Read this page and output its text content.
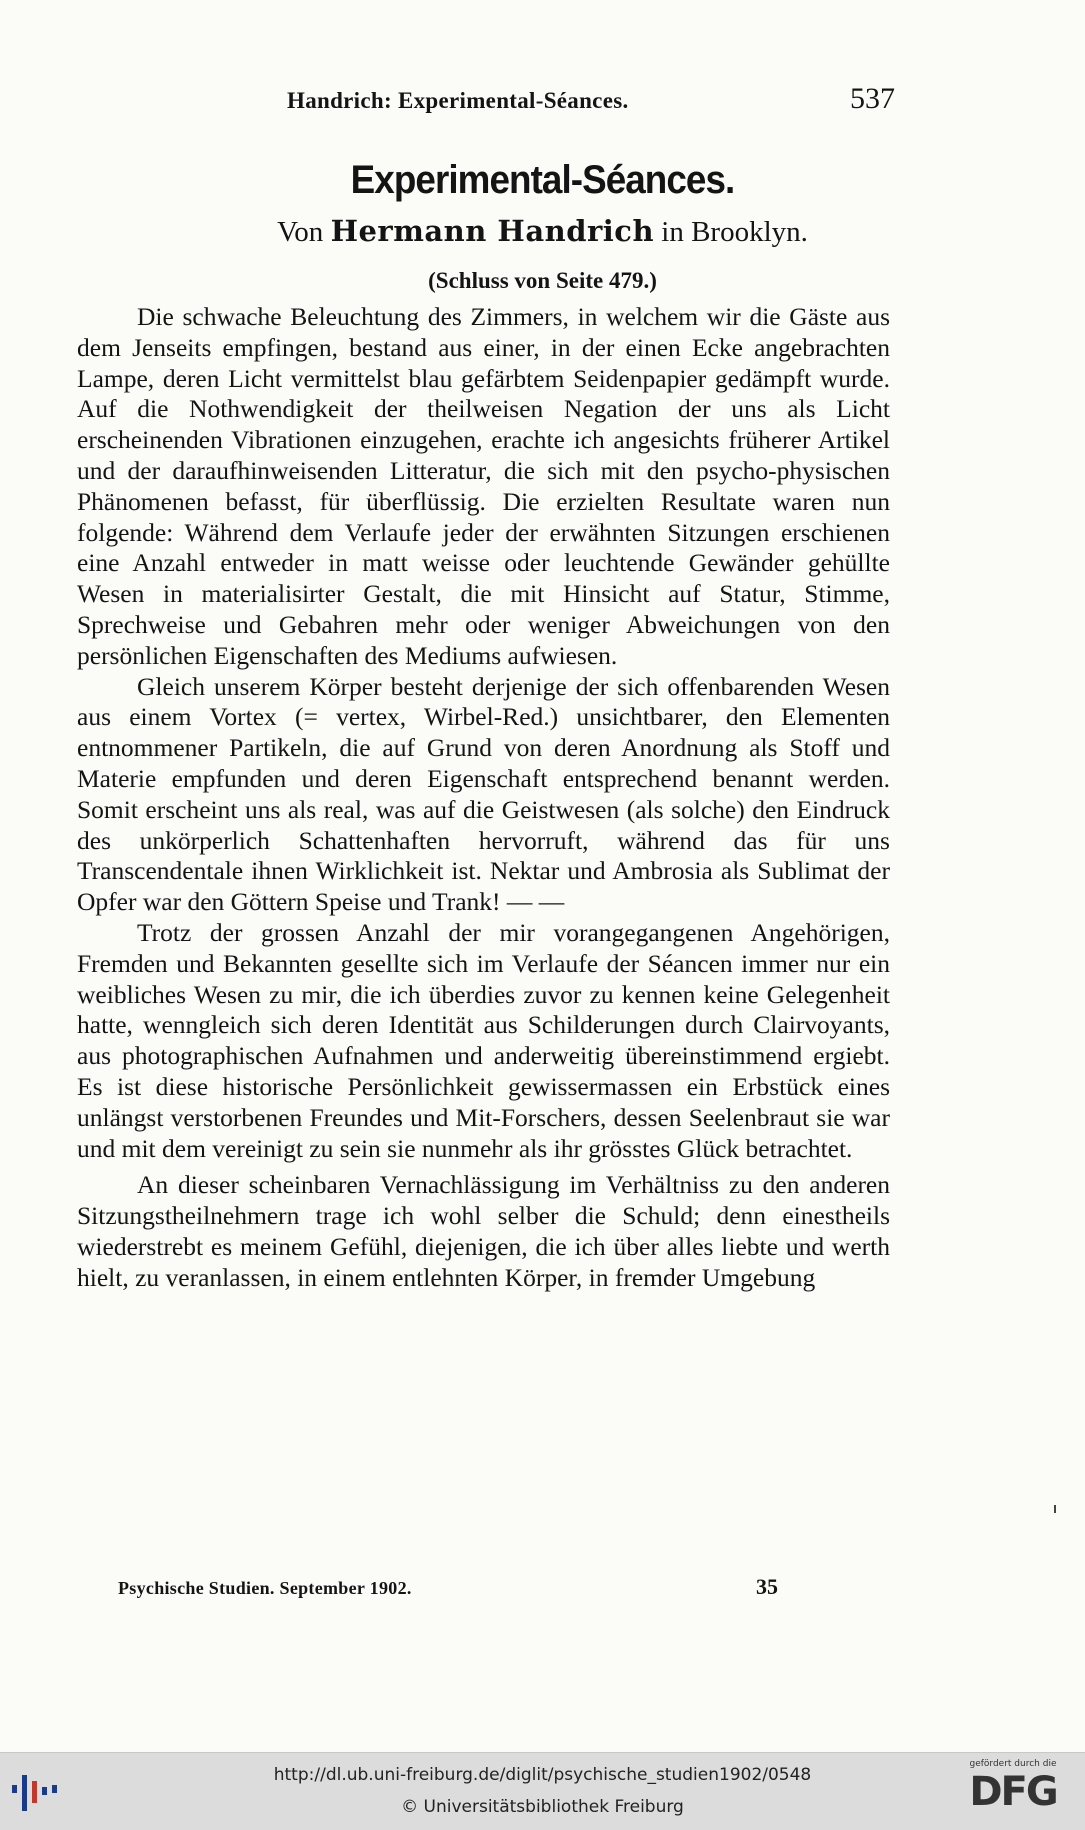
Handrich: Experimental-Séances.	537
Experimental-Séances.
Von Hermann Handrich in Brooklyn.
(Schluss von Seite 479.)

Die schwache Beleuchtung des Zimmers, in welchem wir die Gäste aus dem Jenseits empfingen, bestand aus einer, in der einen Ecke angebrachten Lampe, deren Licht vermittelst blau gefärbtem Seidenpapier gedämpft wurde. Auf die Nothwendigkeit der theilweisen Negation der uns als Licht erscheinenden Vibrationen einzugehen, erachte ich angesichts früherer Artikel und der daraufhinweisenden Litteratur, die sich mit den psycho-physischen Phänomenen befasst, für überflüssig. Die erzielten Resultate waren nun folgende: Während dem Verlaufe jeder der erwähnten Sitzungen erschienen eine Anzahl entweder in matt weisse oder leuchtende Gewänder gehüllte Wesen in materialisirter Gestalt, die mit Hinsicht auf Statur, Stimme, Sprechweise und Gebahren mehr oder weniger Abweichungen von den persönlichen Eigenschaften des Mediums aufwiesen.

Gleich unserem Körper besteht derjenige der sich offenbarenden Wesen aus einem Vortex (= vertex, Wirbel-Red.) unsichtbarer, den Elementen entnommener Partikeln, die auf Grund von deren Anordnung als Stoff und Materie empfunden und deren Eigenschaft entsprechend benannt werden. Somit erscheint uns als real, was auf die Geistwesen (als solche) den Eindruck des unkörperlich Schattenhaften hervorruft, während das für uns Transcendentale ihnen Wirklichkeit ist. Nektar und Ambrosia als Sublimat der Opfer war den Göttern Speise und Trank! — —

Trotz der grossen Anzahl der mir vorangegangenen Angehörigen, Fremden und Bekannten gesellte sich im Verlaufe der Séancen immer nur ein weibliches Wesen zu mir, die ich überdies zuvor zu kennen keine Gelegenheit hatte, wenngleich sich deren Identität aus Schilderungen durch Clairvoyants, aus photographischen Aufnahmen und anderweitig übereinstimmend ergiebt. Es ist diese historische Persönlichkeit gewissermassen ein Erbstück eines unlängst verstorbenen Freundes und Mit-Forschers, dessen Seelenbraut sie war und mit dem vereinigt zu sein sie nunmehr als ihr grösstes Glück betrachtet.

An dieser scheinbaren Vernachlässigung im Verhältniss zu den anderen Sitzungstheilnehmern trage ich wohl selber die Schuld; denn einestheils wiederstrebt es meinem Gefühl, diejenigen, die ich über alles liebte und werth hielt, zu veranlassen, in einem entlehnten Körper, in fremder Umgebung

Psychische Studien. September 1902.	35
http://dl.ub.uni-freiburg.de/diglit/psychische_studien1902/0548
© Universitätsbibliothek Freiburg
gefördert durch die
DFG
